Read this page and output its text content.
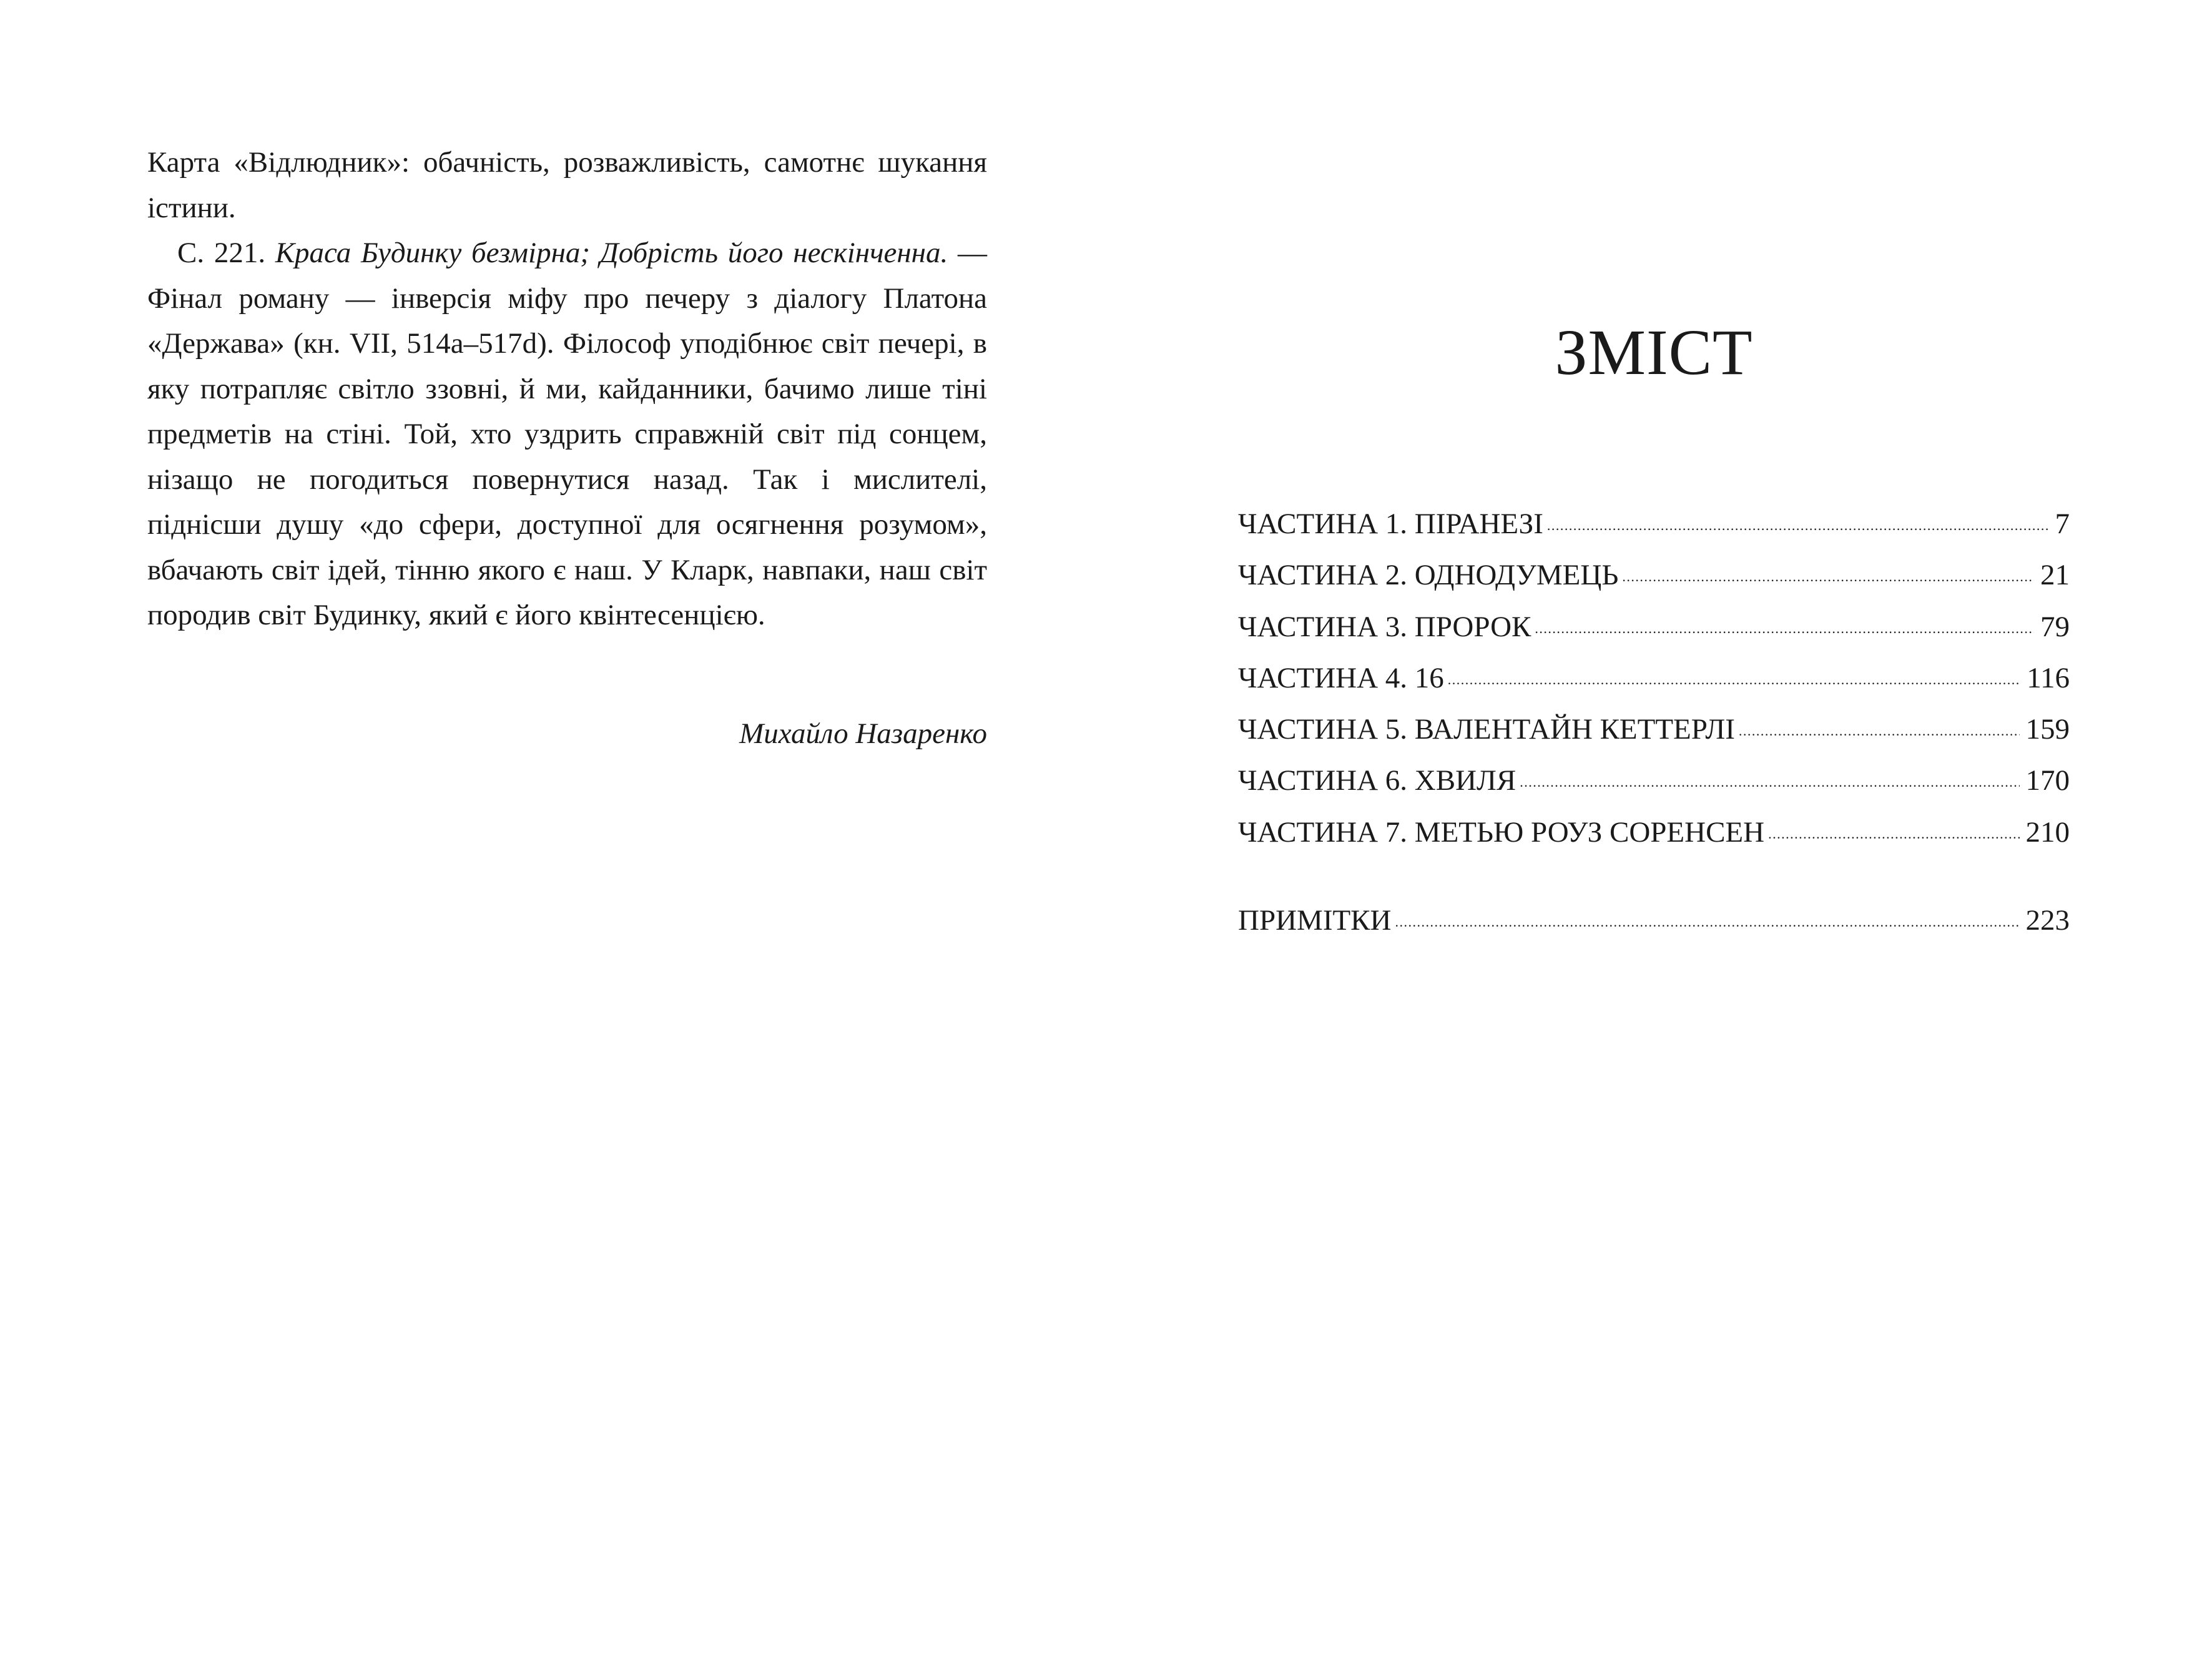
Карта «Відлюдник»: обачність, розважливість, самотнє шукання істини.

С. 221. Краса Будинку безмірна; Добрість його нескінченна. — Фінал роману — інверсія міфу про печеру з діалогу Платона «Держава» (кн. VII, 514a–517d). Філософ уподібнює світ печері, в яку потрапляє світло ззовні, й ми, кайданники, бачимо лише тіні предметів на стіні. Той, хто уздрить справжній світ під сонцем, нізащо не погодиться повернутися назад. Так і мислителі, піднісши душу «до сфери, доступної для осягнення розумом», вбачають світ ідей, тінню якого є наш. У Кларк, навпаки, наш світ породив світ Будинку, який є його квінтесенцією.

Михайло Назаренко
ЗМІСТ
ЧАСТИНА 1. ПІРАНЕЗІ . . .	7
ЧАСТИНА 2. ОДНОДУМЕЦЬ . . .	21
ЧАСТИНА 3. ПРОРОК . . .	79
ЧАСТИНА 4. 16 . . .	116
ЧАСТИНА 5. ВАЛЕНТАЙН КЕТТЕРЛІ . . .	159
ЧАСТИНА 6. ХВИЛЯ . . .	170
ЧАСТИНА 7. МЕТЬЮ РОУЗ СОРЕНСЕН . . .	210
ПРИМІТКИ . . .	223
